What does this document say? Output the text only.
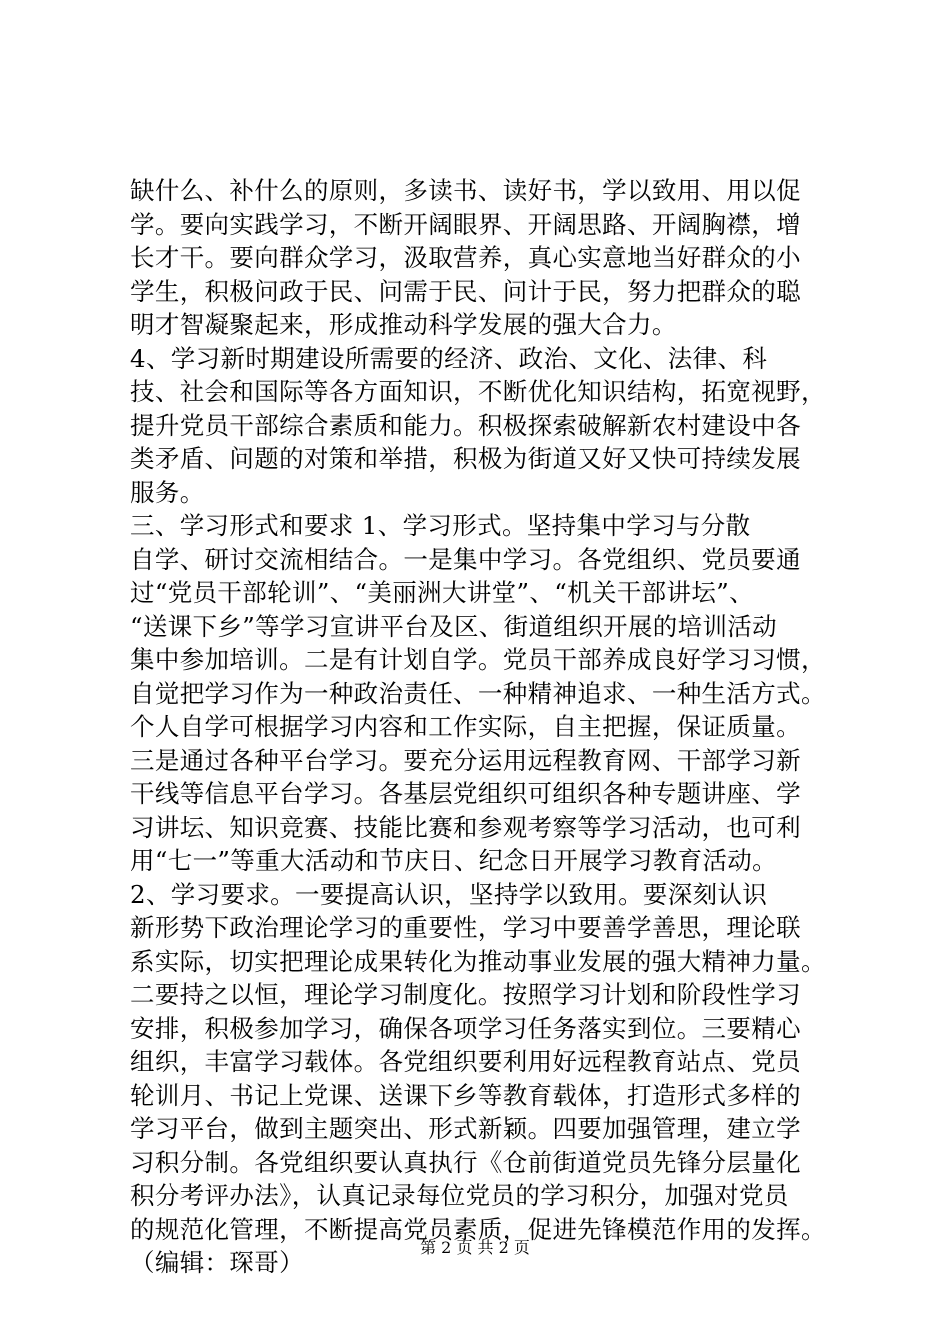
缺什么、补什么的原则，多读书、读好书，学以致用、用以促
学。要向实践学习，不断开阔眼界、开阔思路、开阔胸襟，增
长才干。要向群众学习，汲取营养，真心实意地当好群众的小
学生，积极问政于民、问需于民、问计于民，努力把群众的聪
明才智凝聚起来，形成推动科学发展的强大合力。
4、学习新时期建设所需要的经济、政治、文化、法律、科
技、社会和国际等各方面知识，不断优化知识结构，拓宽视野，
提升党员干部综合素质和能力。积极探索破解新农村建设中各
类矛盾、问题的对策和举措，积极为街道又好又快可持续发展
服务。
三、学习形式和要求 1、学习形式。坚持集中学习与分散
自学、研讨交流相结合。一是集中学习。各党组织、党员要通
过“党员干部轮训”、“美丽洲大讲堂”、“机关干部讲坛”、
“送课下乡”等学习宣讲平台及区、街道组织开展的培训活动
集中参加培训。二是有计划自学。党员干部养成良好学习习惯，
自觉把学习作为一种政治责任、一种精神追求、一种生活方式。
个人自学可根据学习内容和工作实际，自主把握，保证质量。
三是通过各种平台学习。要充分运用远程教育网、干部学习新
干线等信息平台学习。各基层党组织可组织各种专题讲座、学
习讲坛、知识竞赛、技能比赛和参观考察等学习活动，也可利
用“七一”等重大活动和节庆日、纪念日开展学习教育活动。
2、学习要求。一要提高认识，坚持学以致用。要深刻认识
新形势下政治理论学习的重要性，学习中要善学善思，理论联
系实际，切实把理论成果转化为推动事业发展的强大精神力量。
二要持之以恒，理论学习制度化。按照学习计划和阶段性学习
安排，积极参加学习，确保各项学习任务落实到位。三要精心
组织，丰富学习载体。各党组织要利用好远程教育站点、党员
轮训月、书记上党课、送课下乡等教育载体，打造形式多样的
学习平台，做到主题突出、形式新颖。四要加强管理，建立学
习积分制。各党组织要认真执行《仓前街道党员先锋分层量化
积分考评办法》，认真记录每位党员的学习积分，加强对党员
的规范化管理，不断提高党员素质，促进先锋模范作用的发挥。
（编辑：琛哥）
第 2 页 共 2 页
